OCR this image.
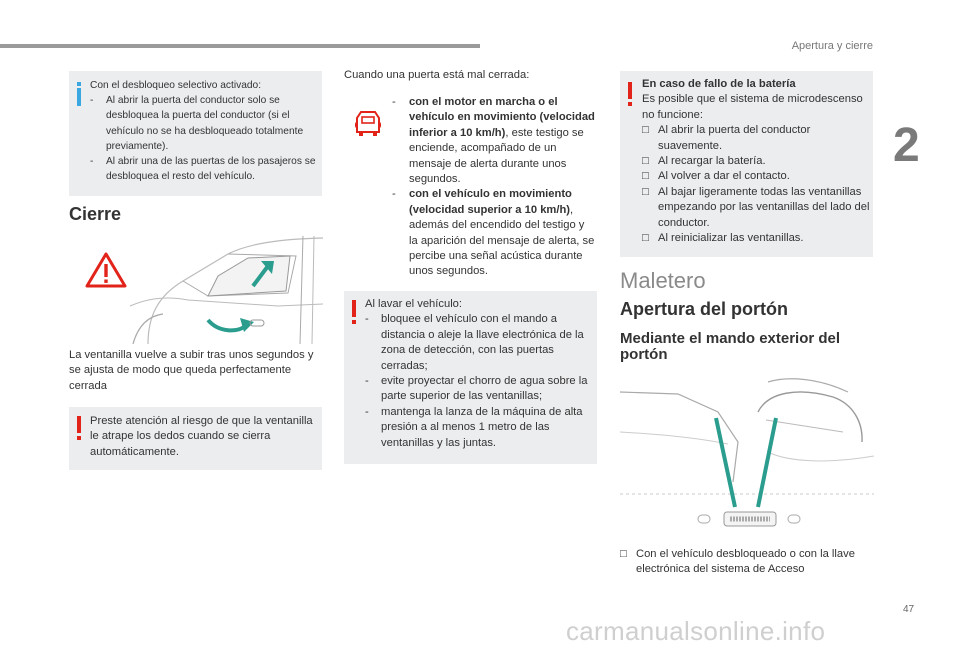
Apertura y cierre
2
Con el desbloqueo selectivo activado:
-	Al abrir la puerta del conductor solo se desbloquea la puerta del conductor (si el vehículo no se ha desbloqueado totalmente previamente).
-	Al abrir una de las puertas de los pasajeros se desbloquea el resto del vehículo.
Cierre
La ventanilla vuelve a subir tras unos segundos y se ajusta de modo que queda perfectamente cerrada
Preste atención al riesgo de que la ventanilla le atrape los dedos cuando se cierra automáticamente.
Cuando una puerta está mal cerrada:
-	con el motor en marcha o el vehículo en movimiento (velocidad inferior a 10 km/h), este testigo se enciende, acompañado de un mensaje de alerta durante unos segundos.
-	con el vehículo en movimiento (velocidad superior a 10 km/h), además del encendido del testigo y la aparición del mensaje de alerta, se percibe una señal acústica durante unos segundos.
Al lavar el vehículo:
-	bloquee el vehículo con el mando a distancia o aleje la llave electrónica de la zona de detección, con las puertas cerradas;
-	evite proyectar el chorro de agua sobre la parte superior de las ventanillas;
-	mantenga la lanza de la máquina de alta presión a al menos 1 metro de las ventanillas y las juntas.
En caso de fallo de la batería
Es posible que el sistema de microdescenso no funcione:
□ Al abrir la puerta del conductor suavemente.
□ Al recargar la batería.
□ Al volver a dar el contacto.
□ Al bajar ligeramente todas las ventanillas empezando por las ventanillas del lado del conductor.
□ Al reinicializar las ventanillas.
Maletero
Apertura del portón
Mediante el mando exterior del portón
□ Con el vehículo desbloqueado o con la llave electrónica del sistema de Acceso
47
carmanualsonline.info
